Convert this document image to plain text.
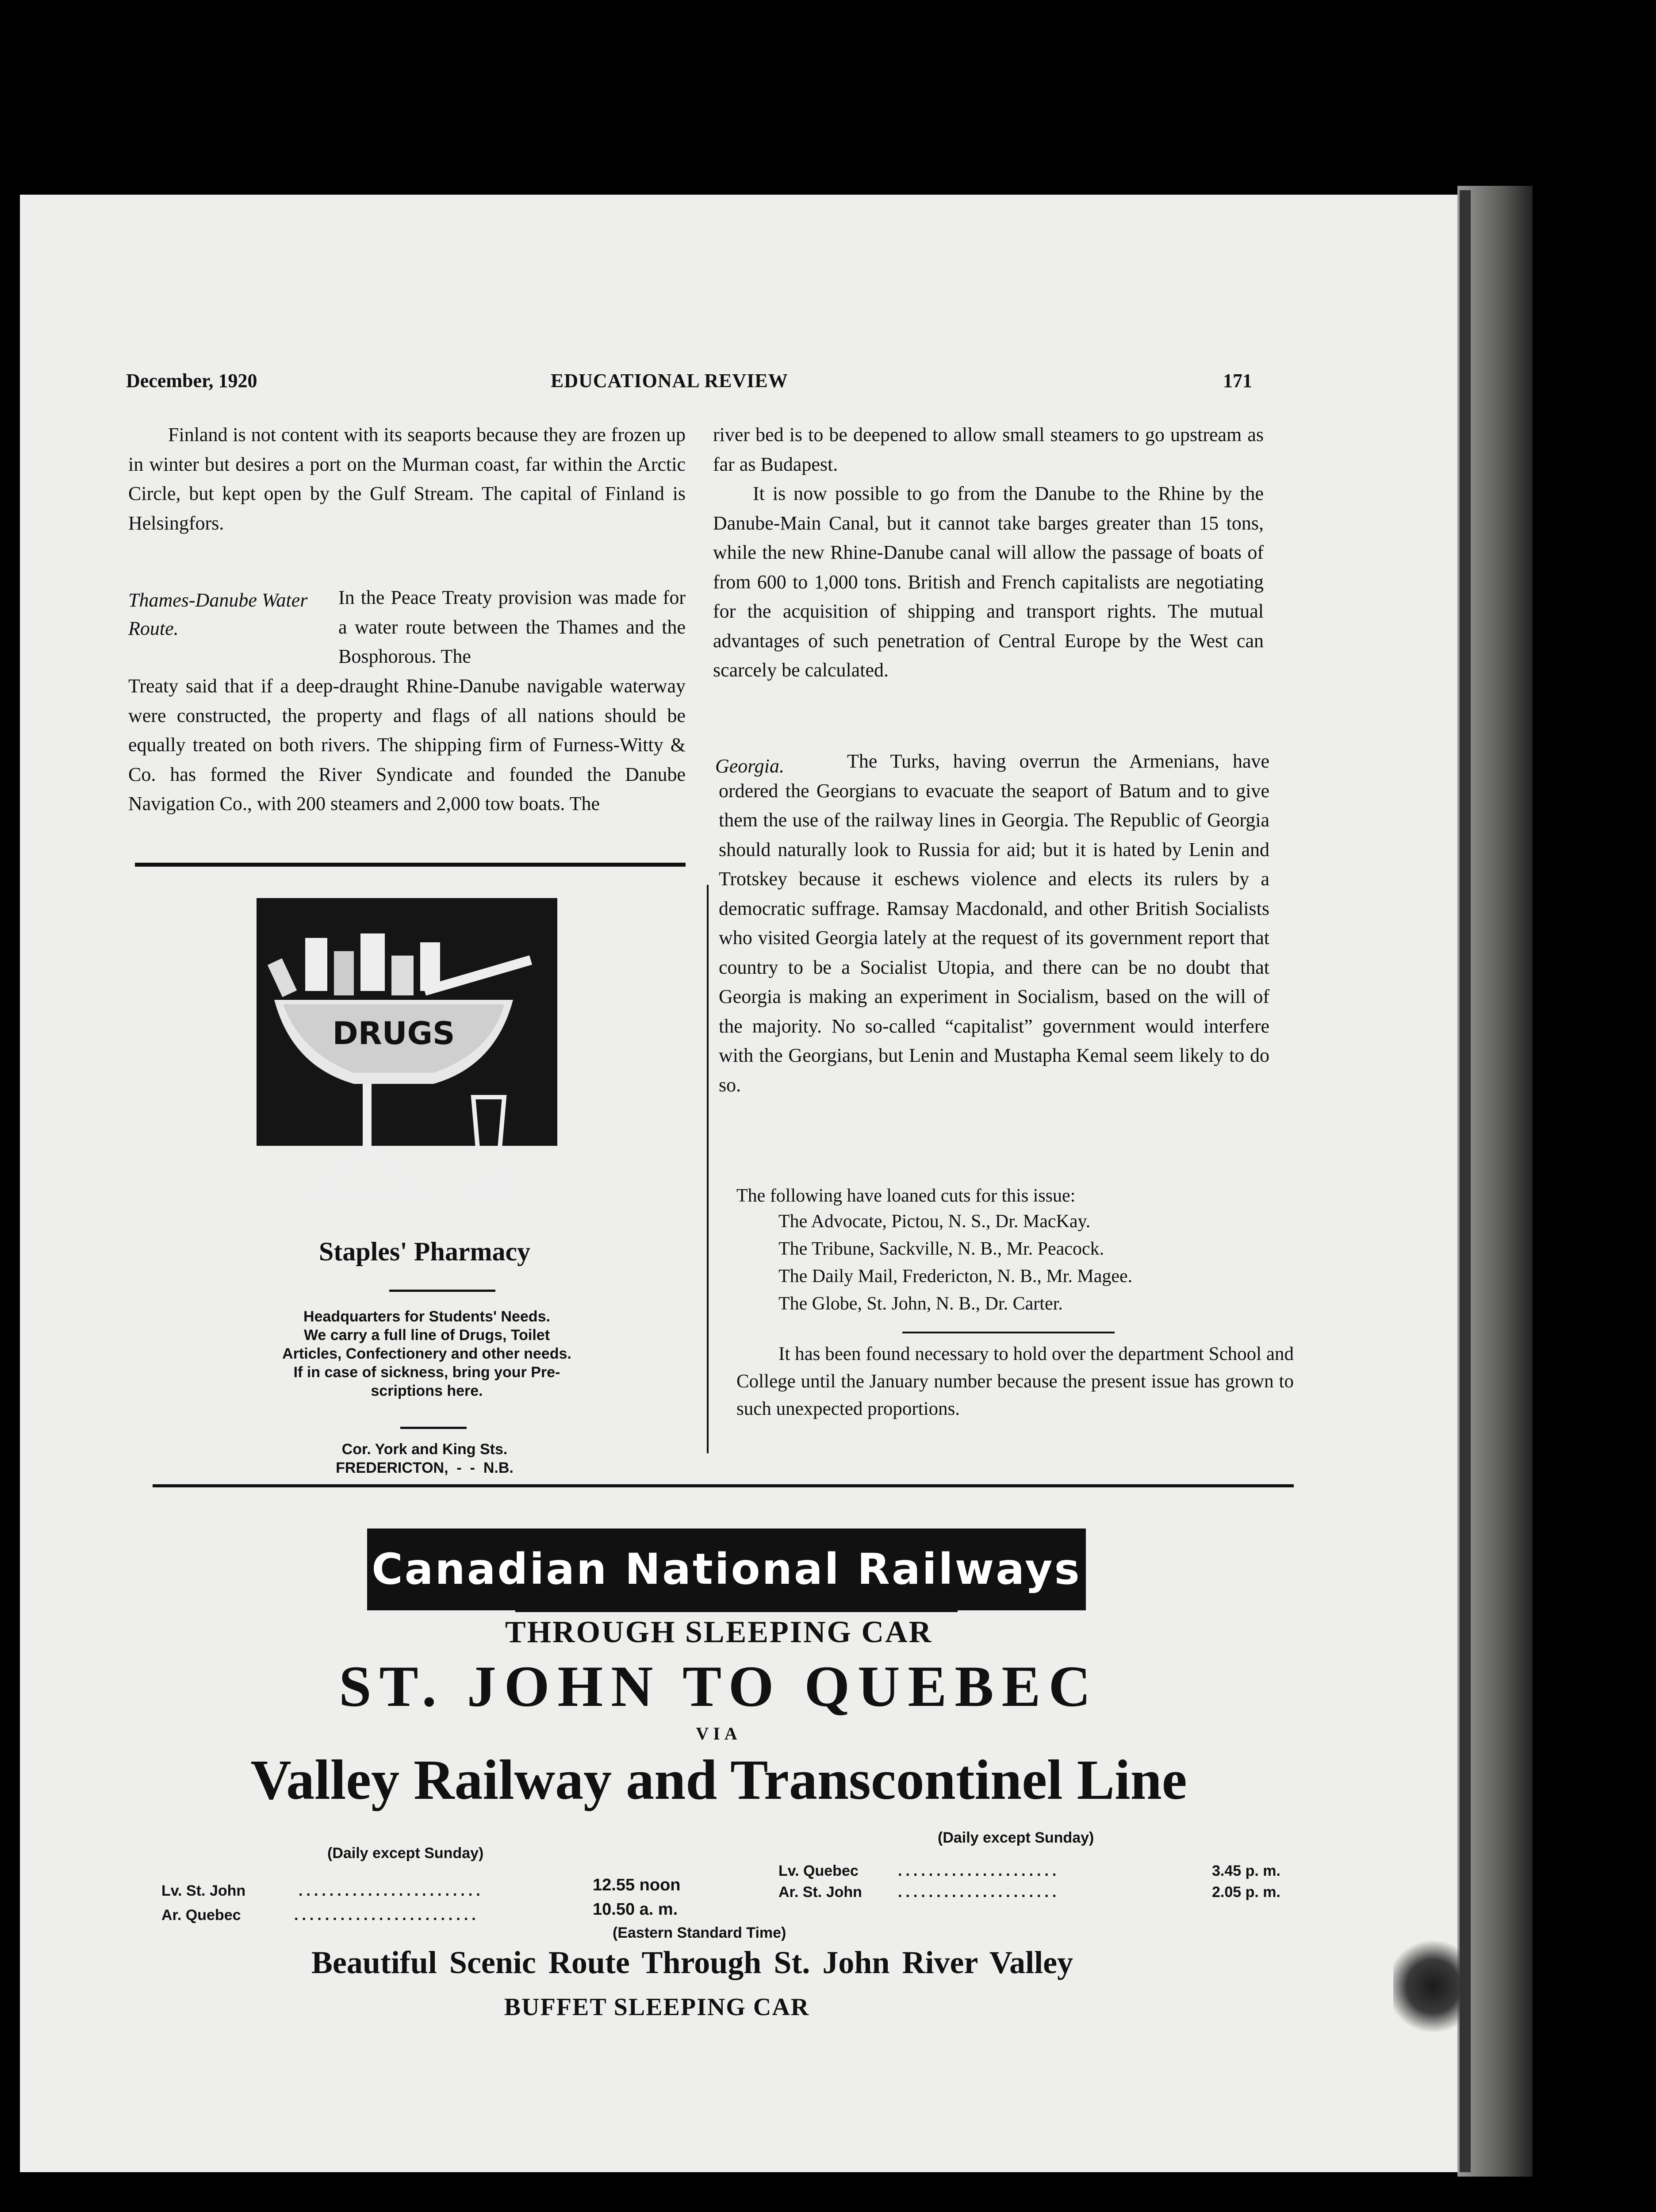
December, 1920	EDUCATIONAL REVIEW	171

Finland is not content with its seaports because they are frozen up in winter but desires a port on the Murman coast, far within the Arctic Circle, but kept open by the Gulf Stream. The capital of Finland is Helsingfors.

Thames-Danube Water Route.
In the Peace Treaty provision was made for a water route between the Thames and the Bosphorous. The
Treaty said that if a deep-draught Rhine-Danube navigable waterway were constructed, the property and flags of all nations should be equally treated on both rivers. The shipping firm of Furness-Witty & Co. has formed the River Syndicate and founded the Danube Navigation Co., with 200 steamers and 2,000 tow boats. The
DRUGS
Staples' Pharmacy
Headquarters for Students' Needs.
We carry a full line of Drugs, Toilet
Articles, Confectionery and other needs.
If in case of sickness, bring your Pre-
scriptions here.
Cor. York and King Sts.
FREDERICTON,  -  -  N.B.

river bed is to be deepened to allow small steamers to go upstream as far as Budapest.

It is now possible to go from the Danube to the Rhine by the Danube-Main Canal, but it cannot take barges greater than 15 tons, while the new Rhine-Danube canal will allow the passage of boats of from 600 to 1,000 tons. British and French capitalists are negotiating for the acquisition of shipping and transport rights. The mutual advantages of such penetration of Central Europe by the West can scarcely be calculated.

Georgia.	The Turks, having overrun the Armenians, have ordered the Georgians to evacuate the seaport of Batum and to give them the use of the railway lines in Georgia. The Republic of Georgia should naturally look to Russia for aid; but it is hated by Lenin and Trotskey because it eschews violence and elects its rulers by a democratic suffrage. Ramsay Macdonald, and other British Socialists who visited Georgia lately at the request of its government report that country to be a Socialist Utopia, and there can be no doubt that Georgia is making an experiment in Socialism, based on the will of the majority. No so-called “capitalist” government would interfere with the Georgians, but Lenin and Mustapha Kemal seem likely to do so.
The following have loaned cuts for this issue:
The Advocate, Pictou, N. S., Dr. MacKay.
The Tribune, Sackville, N. B., Mr. Peacock.
The Daily Mail, Fredericton, N. B., Mr. Magee.
The Globe, St. John, N. B., Dr. Carter.
It has been found necessary to hold over the department School and College until the January number because the present issue has grown to such unexpected proportions.
Canadian National Railways
THROUGH SLEEPING CAR
ST. JOHN TO QUEBEC
VIA
Valley Railway and Transcontinel Line
(Daily except Sunday)
Lv. St. John	........................	12.55 noon
Ar. Quebec	........................	10.50 a. m.
(Daily except Sunday)
Lv. Quebec	.....................	3.45 p. m.
Ar. St. John .....................	2.05 p. m.
(Eastern Standard Time)
Beautiful Scenic Route Through St. John River Valley
BUFFET SLEEPING CAR
